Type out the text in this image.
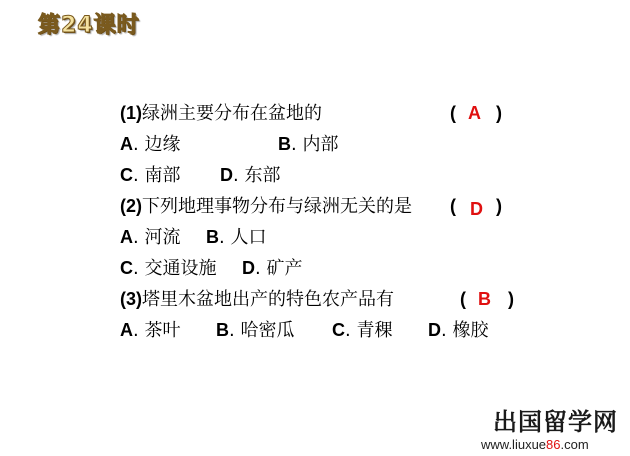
第24课时
(1)绿洲主要分布在盆地的	( A )
A. 边缘	B. 内部
C. 南部 D. 东部
(2)下列地理事物分布与绿洲无关的是 ( D )
A. 河流 B. 人口
C. 交通设施 D. 矿产
(3)塔里木盆地出产的特色农产品有	( B )
A. 茶叶 B. 哈密瓜 C. 青稞 D. 橡胶
出国留学网
www.liuxue86.com
